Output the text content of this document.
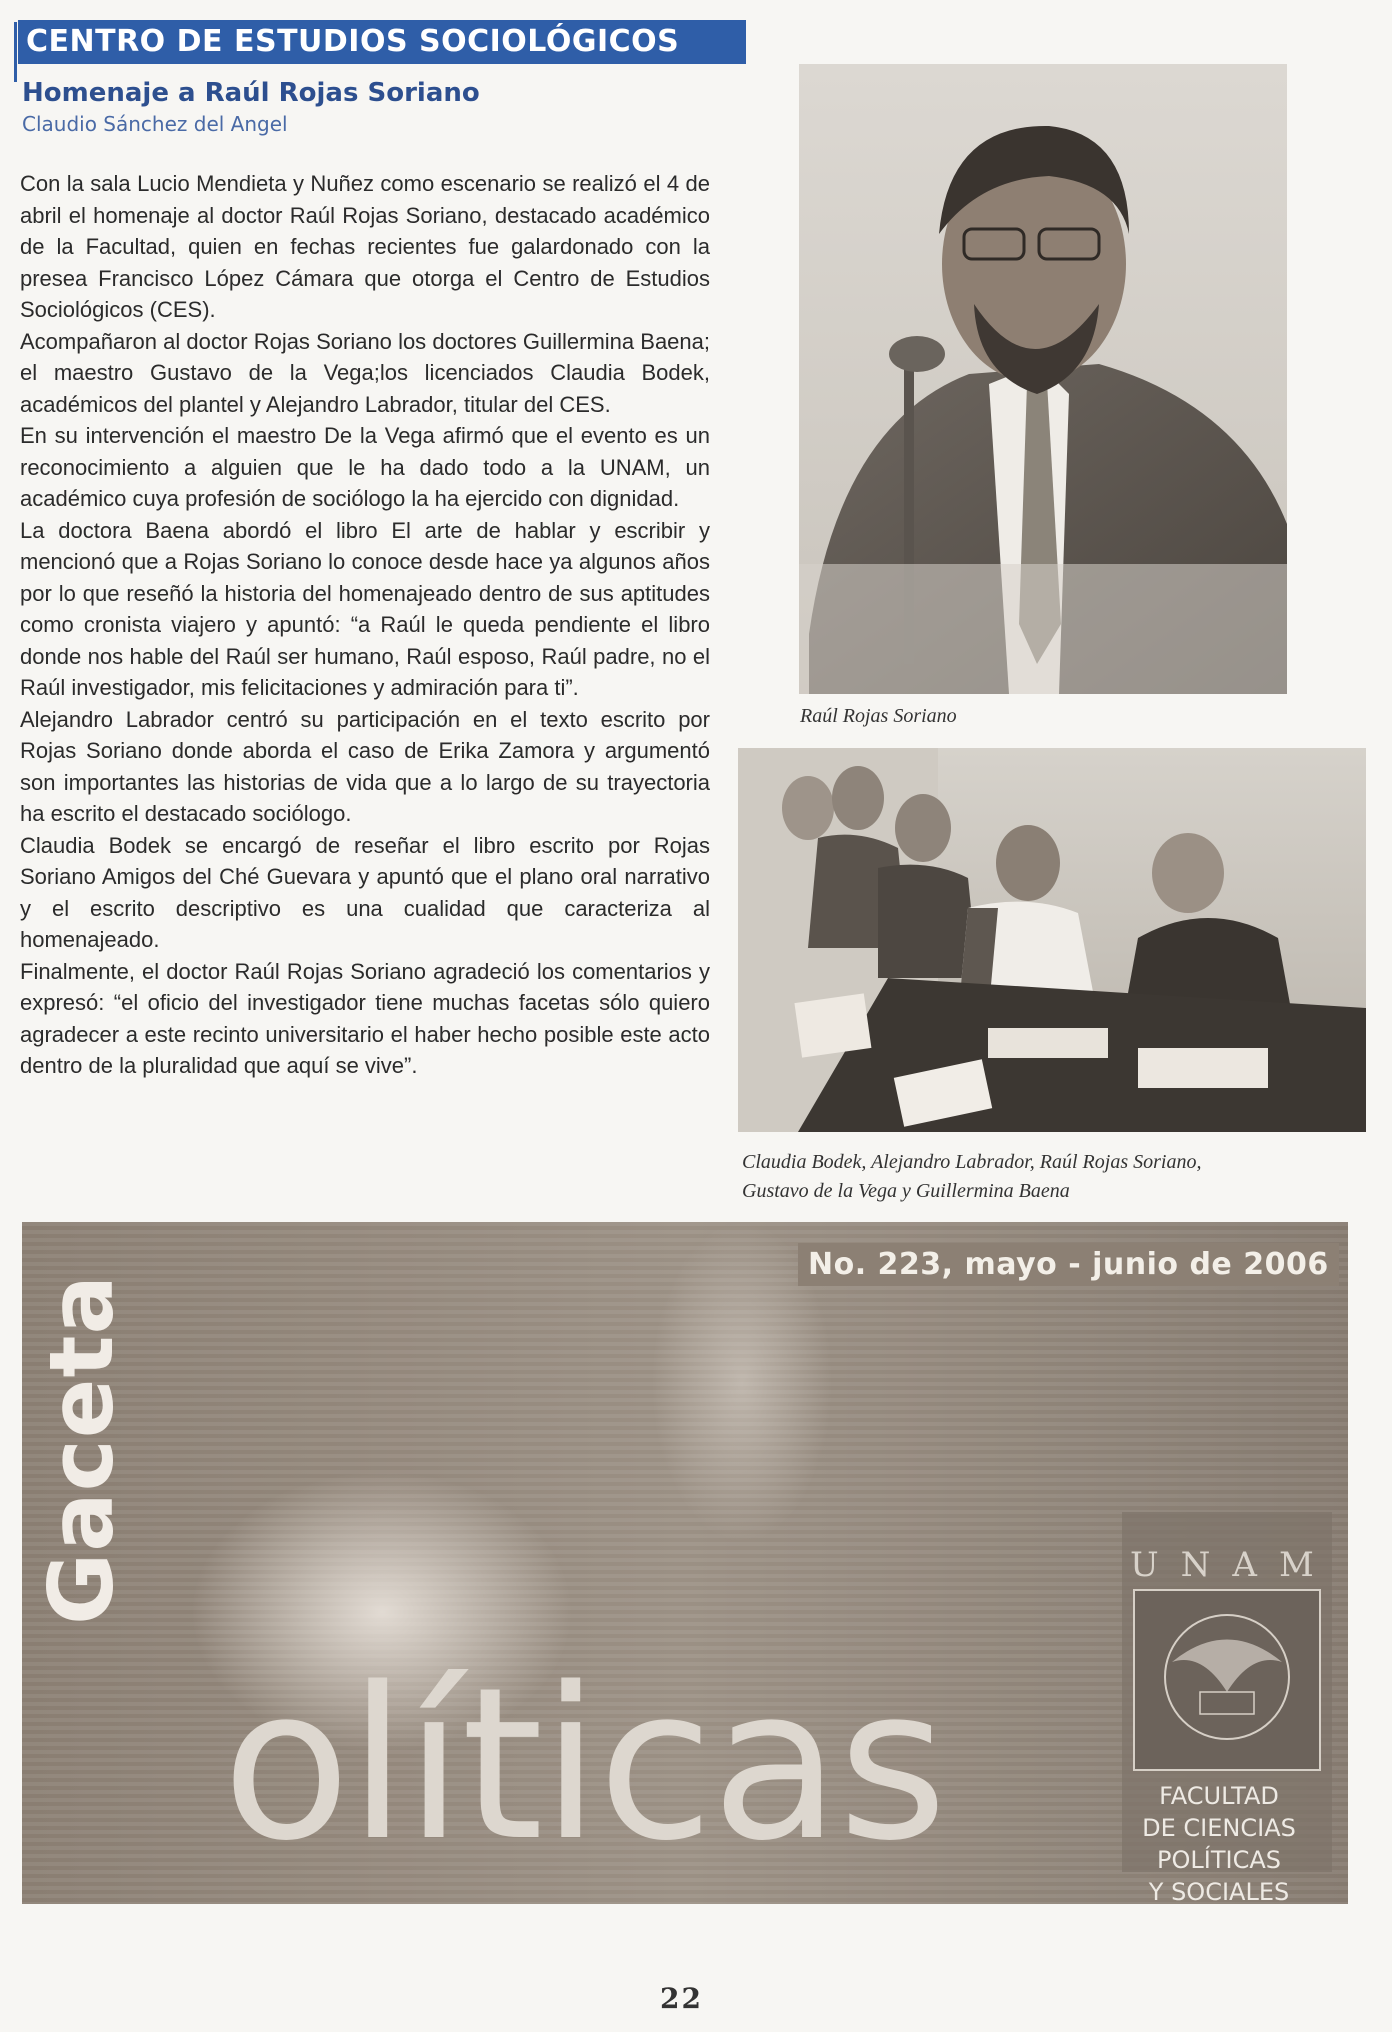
CENTRO DE ESTUDIOS SOCIOLÓGICOS
Homenaje a Raúl Rojas Soriano
Claudio Sánchez del Angel

Con la sala Lucio Mendieta y Nuñez como escenario se realizó el 4 de abril el homenaje al doctor Raúl Rojas Soriano, destacado académico de la Facultad, quien en fechas recientes fue galardonado con la presea Francisco López Cámara que otorga el Centro de Estudios Sociológicos (CES).

Acompañaron al doctor Rojas Soriano los doctores Guillermina Baena; el maestro Gustavo de la Vega;los licenciados Claudia Bodek, académicos del plantel y Alejandro Labrador, titular del CES.

En su intervención el maestro De la Vega afirmó que el evento es un reconocimiento a alguien que le ha dado todo a la UNAM, un académico cuya profesión de sociólogo la ha ejercido con dignidad.

La doctora Baena abordó el libro El arte de hablar y escribir y mencionó que a Rojas Soriano lo conoce desde hace ya algunos años por lo que reseñó la historia del homenajeado dentro de sus aptitudes como cronista viajero y apuntó: “a Raúl le queda pendiente el libro donde nos hable del Raúl ser humano, Raúl esposo, Raúl padre, no el Raúl investigador, mis felicitaciones y admiración para ti”.

Alejandro Labrador centró su participación en el texto escrito por Rojas Soriano donde aborda el caso de Erika Zamora y argumentó son importantes las historias de vida que a lo largo de su trayectoria ha escrito el destacado sociólogo.

Claudia Bodek se encargó de reseñar el libro escrito por Rojas Soriano Amigos del Ché Guevara y apuntó que el plano oral narrativo y el escrito descriptivo es una cualidad que caracteriza al homenajeado.

Finalmente, el doctor Raúl Rojas Soriano agradeció los comentarios y expresó: “el oficio del investigador tiene muchas facetas sólo quiero agradecer a este recinto universitario el haber hecho posible este acto dentro de la pluralidad que aquí se vive”.

Raúl Rojas Soriano
Claudia Bodek, Alejandro Labrador, Raúl Rojas Soriano,
Gustavo de la Vega y Guillermina Baena
No. 223, mayo - junio de 2006
Gaceta
olíticas
UNAM
FACULTAD
DE CIENCIAS
POLÍTICAS
Y SOCIALES
22
